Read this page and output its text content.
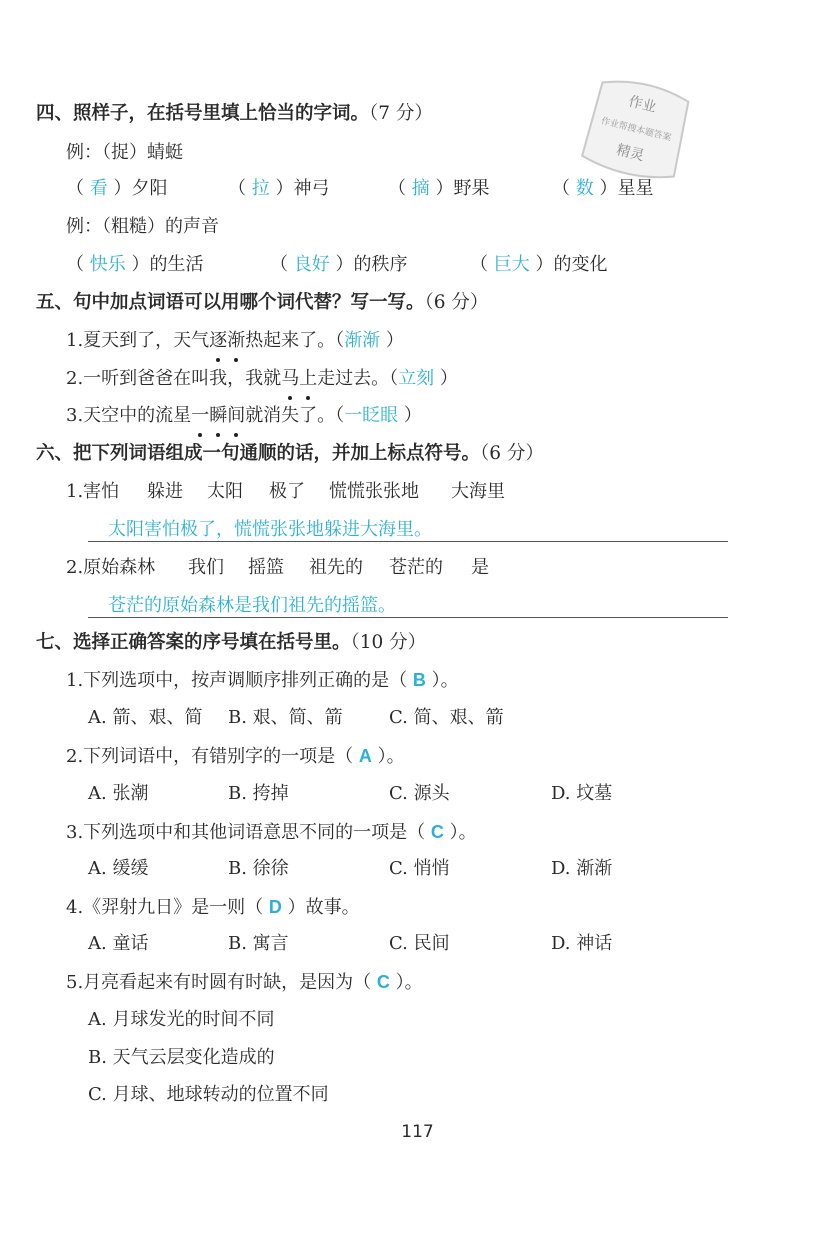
作业
作业帮搜本题答案
精灵
四、照样子，在括号里填上恰当的字词。（7 分）
例：（捉）蜻蜓
（ 看 ）夕阳	（ 拉 ）神弓	（ 摘 ）野果	（ 数 ）星星
例：（粗糙）的声音
（ 快乐 ）的生活	（ 良好 ）的秩序	（ 巨大 ）的变化
五、句中加点词语可以用哪个词代替？写一写。（6 分）
1.夏天到了，天气逐渐热起来了。（渐渐 ）
2.一听到爸爸在叫我，我就马上走过去。（立刻 ）
3.天空中的流星一瞬间就消失了。（一眨眼 ）
六、把下列词语组成一句通顺的话，并加上标点符号。（6 分）
1.害怕 躲进 太阳 极了 慌慌张张地 大海里
太阳害怕极了，慌慌张张地躲进大海里。
2.原始森林 我们 摇篮 祖先的 苍茫的 是
苍茫的原始森林是我们祖先的摇篮。
七、选择正确答案的序号填在括号里。（10 分）
1.下列选项中，按声调顺序排列正确的是（ B ）。
A. 箭、艰、简 B. 艰、简、箭	C. 简、艰、箭
2.下列词语中，有错别字的一项是（ A ）。
A. 张潮	B. 挎掉	C. 源头	D. 坟墓
3.下列选项中和其他词语意思不同的一项是（ C ）。
A. 缓缓	B. 徐徐	C. 悄悄	D. 渐渐
4.《羿射九日》是一则（ D ）故事。
A. 童话	B. 寓言	C. 民间	D. 神话
5.月亮看起来有时圆有时缺，是因为（ C ）。
A. 月球发光的时间不同
B. 天气云层变化造成的
C. 月球、地球转动的位置不同
117
